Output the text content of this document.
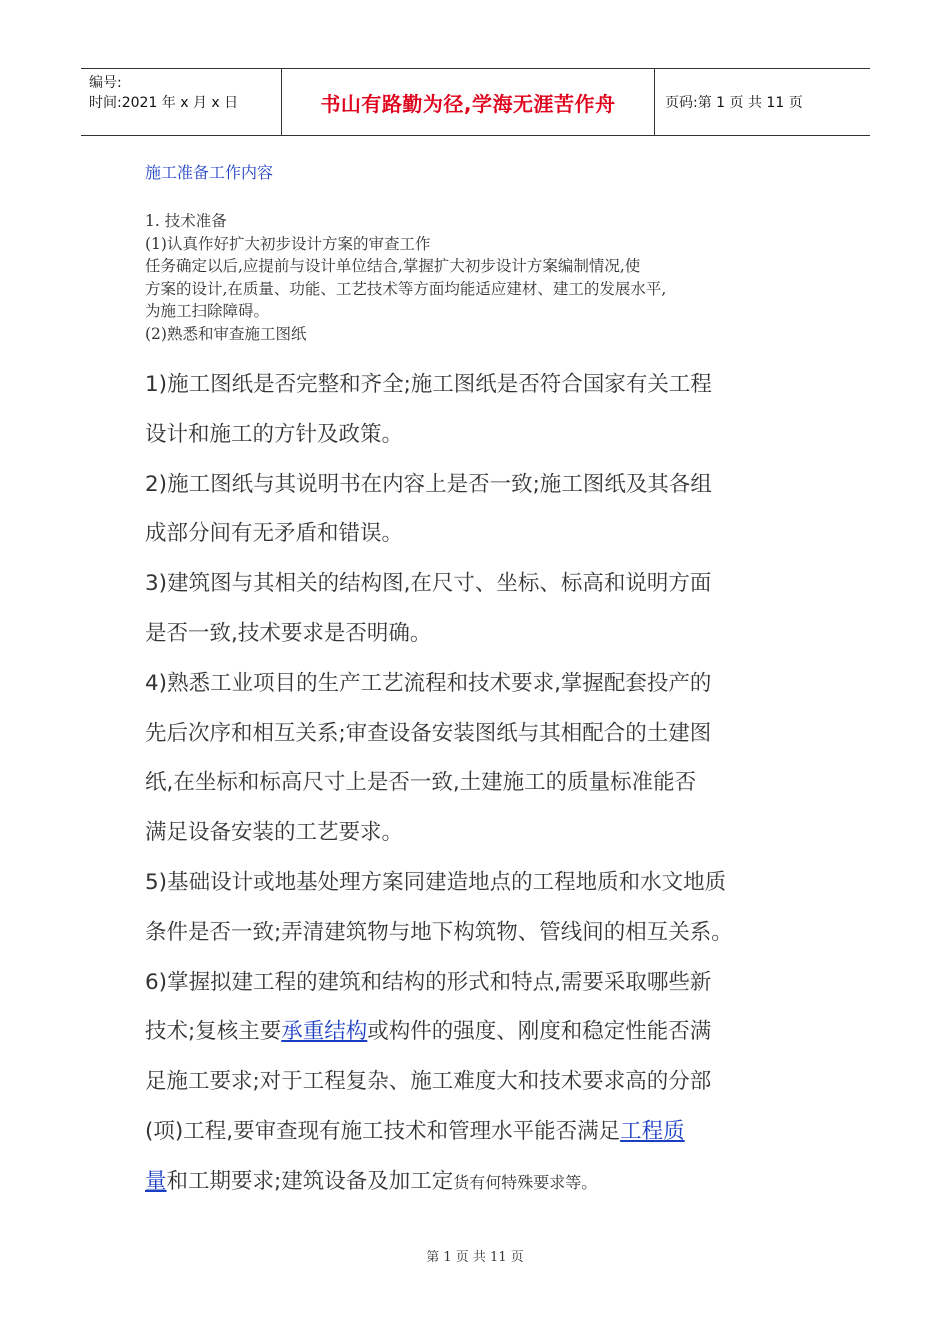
编号:
时间:2021 年 x 月 x 日	书山有路勤为径,学海无涯苦作舟	页码:第 1 页 共 11 页
施工准备工作内容

1. 技术准备

(1)认真作好扩大初步设计方案的审查工作

任务确定以后,应提前与设计单位结合,掌握扩大初步设计方案编制情况,使

方案的设计,在质量、功能、工艺技术等方面均能适应建材、建工的发展水平,

为施工扫除障碍。

(2)熟悉和审查施工图纸

1)施工图纸是否完整和齐全;施工图纸是否符合国家有关工程

设计和施工的方针及政策。

2)施工图纸与其说明书在内容上是否一致;施工图纸及其各组

成部分间有无矛盾和错误。

3)建筑图与其相关的结构图,在尺寸、坐标、标高和说明方面

是否一致,技术要求是否明确。

4)熟悉工业项目的生产工艺流程和技术要求,掌握配套投产的

先后次序和相互关系;审查设备安装图纸与其相配合的土建图

纸,在坐标和标高尺寸上是否一致,土建施工的质量标准能否

满足设备安装的工艺要求。

5)基础设计或地基处理方案同建造地点的工程地质和水文地质

条件是否一致;弄清建筑物与地下构筑物、管线间的相互关系。

6)掌握拟建工程的建筑和结构的形式和特点,需要采取哪些新

技术;复核主要承重结构或构件的强度、刚度和稳定性能否满

足施工要求;对于工程复杂、施工难度大和技术要求高的分部

(项)工程,要审查现有施工技术和管理水平能否满足工程质

量和工期要求;建筑设备及加工定货有何特殊要求等。

第 1 页 共 11 页
